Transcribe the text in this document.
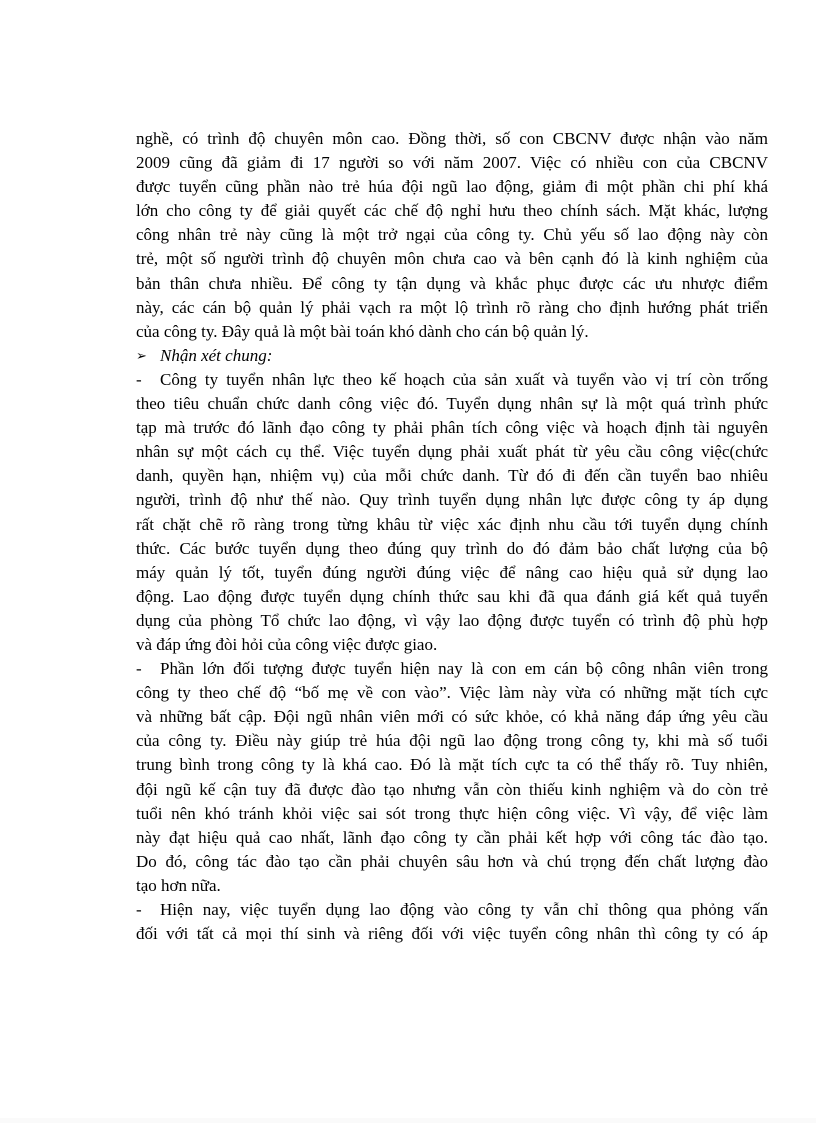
nghề, có trình độ chuyên môn cao. Đồng thời, số con CBCNV được nhận vào năm

2009 cũng đã giảm đi 17 người so với năm 2007. Việc có nhiều con của CBCNV

được tuyển cũng phần nào trẻ húa đội ngũ lao động, giảm đi một phần chi phí khá

lớn cho công ty để giải quyết các chế độ nghỉ hưu theo chính sách. Mặt khác, lượng

công nhân trẻ này cũng là một trở ngại của công ty. Chủ yếu số lao động này còn

trẻ, một số người trình độ chuyên môn chưa cao và bên cạnh đó là kinh nghiệm của

bản thân chưa nhiều. Để công ty tận dụng và khắc phục được các ưu nhược điểm

này, các cán bộ quản lý phải vạch ra một lộ trình rõ ràng cho định hướng phát triển

của công ty. Đây quả là một bài toán khó dành cho cán bộ quản lý.

➢ Nhận xét chung:

- Công ty tuyển nhân lực theo kế hoạch của sản xuất và tuyển vào vị trí còn trống

theo tiêu chuẩn chức danh công việc đó. Tuyển dụng nhân sự là một quá trình phức

tạp mà trước đó lãnh đạo công ty phải phân tích công việc và hoạch định tài nguyên

nhân sự một cách cụ thể. Việc tuyển dụng phải xuất phát từ yêu cầu công việc(chức

danh, quyền hạn, nhiệm vụ) của mỗi chức danh. Từ đó đi đến cần tuyển bao nhiêu

người, trình độ như thế nào. Quy trình tuyển dụng nhân lực được công ty áp dụng

rất chặt chẽ rõ ràng trong từng khâu từ việc xác định nhu cầu tới tuyển dụng chính

thức. Các bước tuyển dụng theo đúng quy trình do đó đảm bảo chất lượng của bộ

máy quản lý tốt, tuyển đúng người đúng việc để nâng cao hiệu quả sử dụng lao

động. Lao động được tuyển dụng chính thức sau khi đã qua đánh giá kết quả tuyển

dụng của phòng Tổ chức lao động, vì vậy lao động được tuyển có trình độ phù hợp

và đáp ứng đòi hỏi của công việc được giao.

- Phần lớn đối tượng được tuyển hiện nay là con em cán bộ công nhân viên trong

công ty theo chế độ “bố mẹ về con vào”. Việc làm này vừa có những mặt tích cực

và những bất cập. Đội ngũ nhân viên mới có sức khỏe, có khả năng đáp ứng yêu cầu

của công ty. Điều này giúp trẻ húa đội ngũ lao động trong công ty, khi mà số tuổi

trung bình trong công ty là khá cao. Đó là mặt tích cực ta có thể thấy rõ. Tuy nhiên,

đội ngũ kế cận tuy đã được đào tạo nhưng vẫn còn thiếu kinh nghiệm và do còn trẻ

tuổi nên khó tránh khỏi việc sai sót trong thực hiện công việc. Vì vậy, để việc làm

này đạt hiệu quả cao nhất, lãnh đạo công ty cần phải kết hợp với công tác đào tạo.

Do đó, công tác đào tạo cần phải chuyên sâu hơn và chú trọng đến chất lượng đào

tạo hơn nữa.

- Hiện nay, việc tuyển dụng lao động vào công ty vẫn chỉ thông qua phỏng vấn

đối với tất cả mọi thí sinh và riêng đối với việc tuyển công nhân thì công ty có áp
